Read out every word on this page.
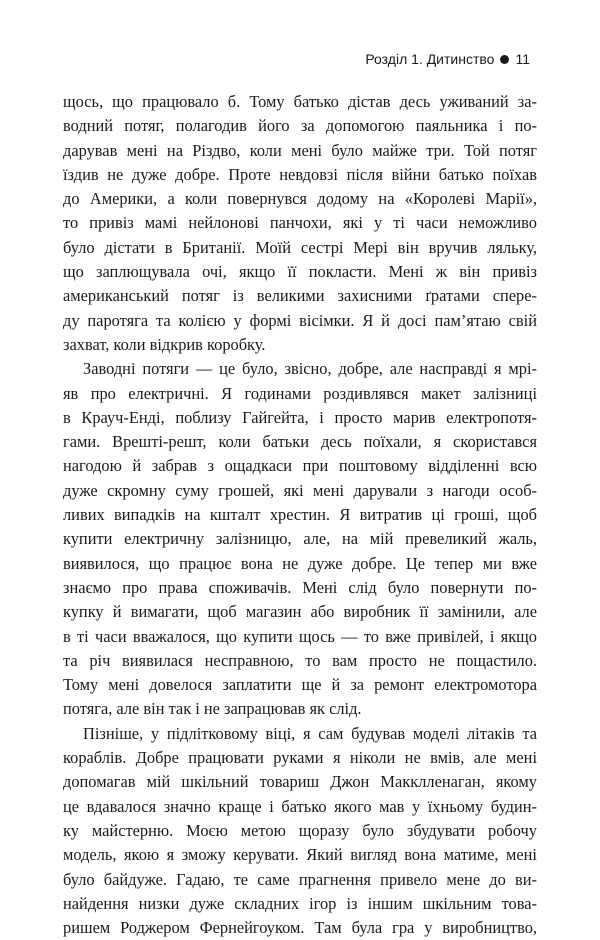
Розділ 1. Дитинство 11
щось, що працювало б. Тому батько дістав десь уживаний за-
водний потяг, полагодив його за допомогою паяльника і по-
дарував мені на Різдво, коли мені було майже три. Той потяг
їздив не дуже добре. Проте невдовзі після війни батько поїхав
до Америки, а коли повернувся додому на «Королеві Марії»,
то привіз мамі нейлонові панчохи, які у ті часи неможливо
було дістати в Британії. Моїй сестрі Мері він вручив ляльку,
що заплющувала очі, якщо її покласти. Мені ж він привіз
американський потяг із великими захисними ґратами спере-
ду паротяга та колією у формі вісімки. Я й досі пам’ятаю свій
захват, коли відкрив коробку.
Заводні потяги — це було, звісно, добре, але насправді я мрі-
яв про електричні. Я годинами роздивлявся макет залізниці
в Крауч-Енді, поблизу Гайгейта, і просто марив електропотя-
гами. Врешті-решт, коли батьки десь поїхали, я скористався
нагодою й забрав з ощадкаси при поштовому відділенні всю
дуже скромну суму грошей, які мені дарували з нагоди особ-
ливих випадків на кшталт хрестин. Я витратив ці гроші, щоб
купити електричну залізницю, але, на мій превеликий жаль,
виявилося, що працює вона не дуже добре. Це тепер ми вже
знаємо про права споживачів. Мені слід було повернути по-
купку й вимагати, щоб магазин або виробник її замінили, але
в ті часи вважалося, що купити щось — то вже привілей, і якщо
та річ виявилася несправною, то вам просто не пощастило.
Тому мені довелося заплатити ще й за ремонт електромотора
потяга, але він так і не запрацював як слід.
Пізніше, у підлітковому віці, я сам будував моделі літаків та
кораблів. Добре працювати руками я ніколи не вмів, але мені
допомагав мій шкільний товариш Джон Макклленаган, якому
це вдавалося значно краще і батько якого мав у їхньому будин-
ку майстерню. Моєю метою щоразу було збудувати робочу
модель, якою я зможу керувати. Який вигляд вона матиме, мені
було байдуже. Гадаю, те саме прагнення привело мене до ви-
найдення низки дуже складних ігор із іншим шкільним това-
ришем Роджером Фернейгоуком. Там була гра у виробництво,
